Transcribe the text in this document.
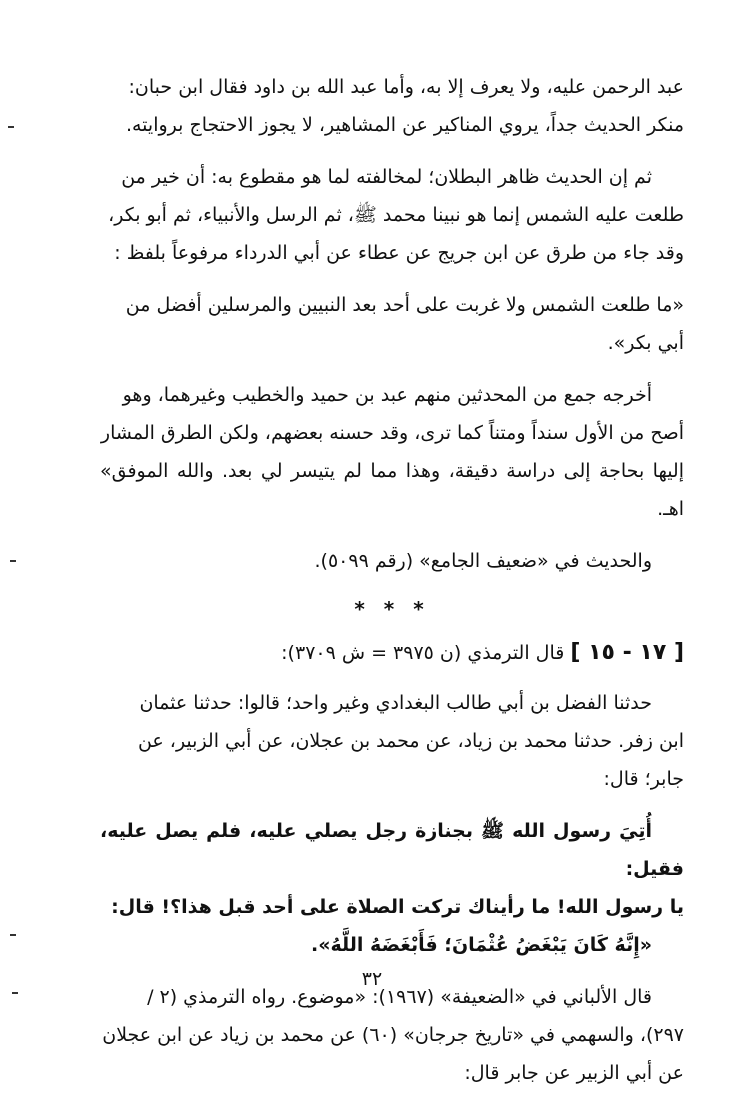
عبد الرحمن عليه، ولا يعرف إلا به، وأما عبد الله بن داود فقال ابن حبان:
منكر الحديث جداً، يروي المناكير عن المشاهير، لا يجوز الاحتجاج بروايته.
ثم إن الحديث ظاهر البطلان؛ لمخالفته لما هو مقطوع به: أن خير من
طلعت عليه الشمس إنما هو نبينا محمد ﷺ، ثم الرسل والأنبياء، ثم أبو بكر،
وقد جاء من طرق عن ابن جريج عن عطاء عن أبي الدرداء مرفوعاً بلفظ :
«ما طلعت الشمس ولا غربت على أحد بعد النبيين والمرسلين أفضل من
أبي بكر».
أخرجه جمع من المحدثين منهم عبد بن حميد والخطيب وغيرهما، وهو
أصح من الأول سنداً ومتناً كما ترى، وقد حسنه بعضهم، ولكن الطرق المشار
إليها بحاجة إلى دراسة دقيقة، وهذا مما لم يتيسر لي بعد. والله الموفق» اهـ.
والحديث في «ضعيف الجامع» (رقم ٥٠٩٩).
* * *
[ ١٧ - ١٥ ] قال الترمذي (ن ٣٩٧٥ = ش ٣٧٠٩):
حدثنا الفضل بن أبي طالب البغدادي وغير واحد؛ قالوا: حدثنا عثمان
ابن زفر. حدثنا محمد بن زياد، عن محمد بن عجلان، عن أبي الزبير، عن
جابر؛ قال:
أُتِيَ رسول الله ﷺ بجنازة رجل يصلي عليه، فلم يصل عليه، فقيل:
يا رسول الله! ما رأيناك تركت الصلاة على أحد قبل هذا؟! قال:
«إِنَّهُ كَانَ يَبْغَضُ عُثْمَانَ؛ فَأَبْغَضَهُ اللَّهُ».
قال الألباني في «الضعيفة» (١٩٦٧): «موضوع. رواه الترمذي (٢ /
٢٩٧)، والسهمي في «تاريخ جرجان» (٦٠) عن محمد بن زياد عن ابن عجلان
عن أبي الزبير عن جابر قال:
٣٢
